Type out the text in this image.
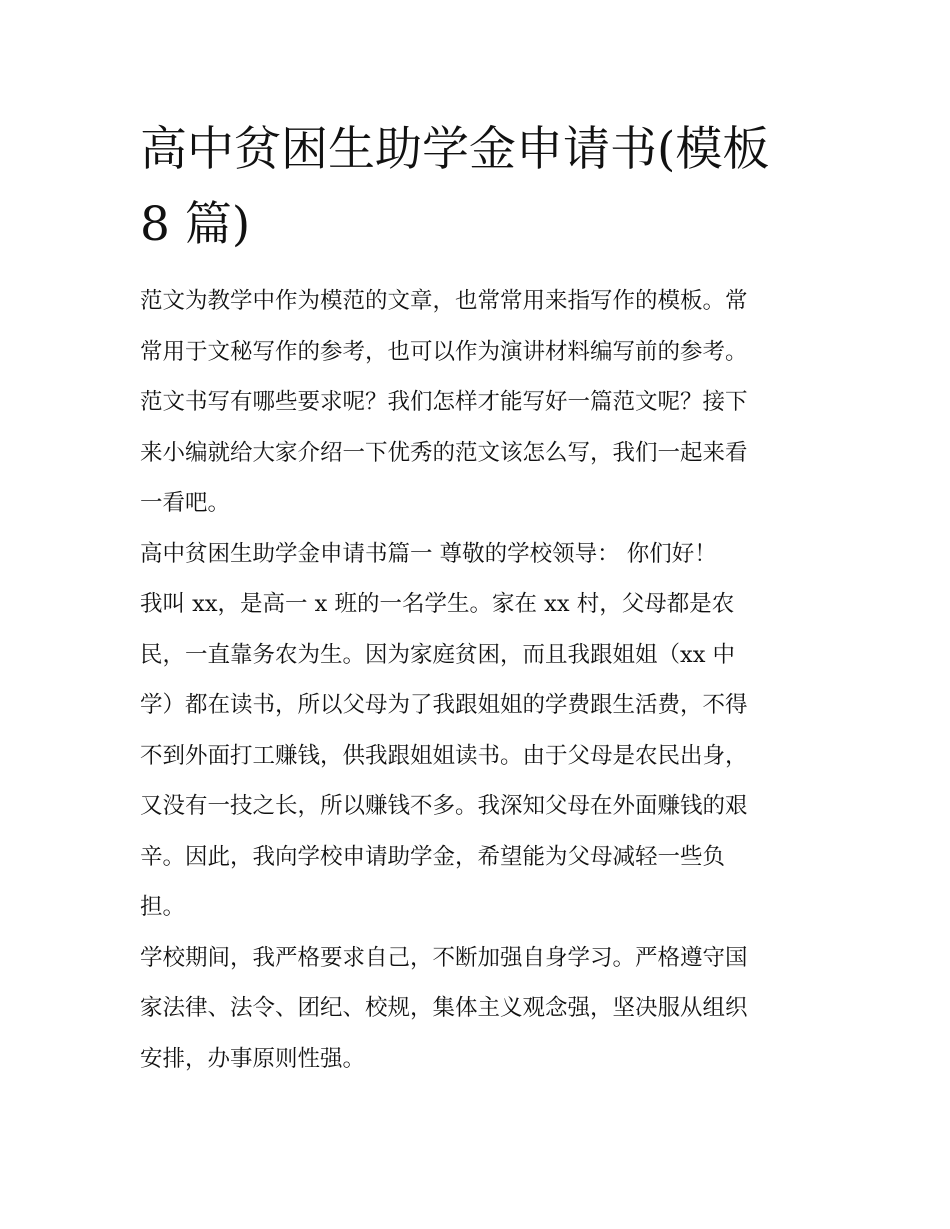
高中贫困生助学金申请书(模板
8 篇)
范文为教学中作为模范的文章，也常常用来指写作的模板。常
常用于文秘写作的参考，也可以作为演讲材料编写前的参考。
范文书写有哪些要求呢？我们怎样才能写好一篇范文呢？接下
来小编就给大家介绍一下优秀的范文该怎么写，我们一起来看
一看吧。
高中贫困生助学金申请书篇一 尊敬的学校领导： 你们好！
我叫 xx，是高一 x 班的一名学生。家在 xx 村，父母都是农
民，一直靠务农为生。因为家庭贫困，而且我跟姐姐（xx 中
学）都在读书，所以父母为了我跟姐姐的学费跟生活费，不得
不到外面打工赚钱，供我跟姐姐读书。由于父母是农民出身，
又没有一技之长，所以赚钱不多。我深知父母在外面赚钱的艰
辛。因此，我向学校申请助学金，希望能为父母减轻一些负
担。
学校期间，我严格要求自己，不断加强自身学习。严格遵守国
家法律、法令、团纪、校规，集体主义观念强，坚决服从组织
安排，办事原则性强。
